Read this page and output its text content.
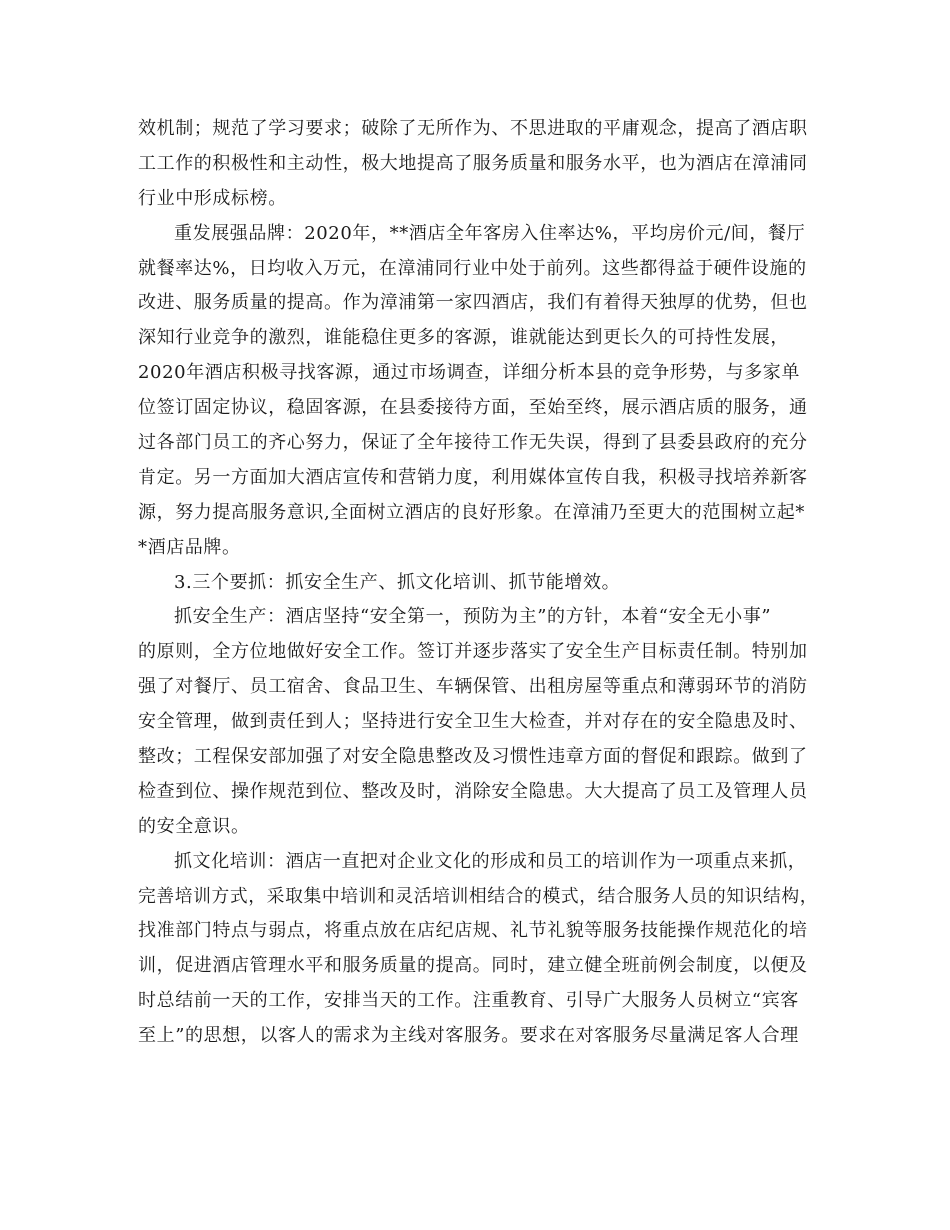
效机制；规范了学习要求；破除了无所作为、不思进取的平庸观念，提高了酒店职
工工作的积极性和主动性，极大地提高了服务质量和服务水平，也为酒店在漳浦同
行业中形成标榜。
重发展强品牌：2020年，**酒店全年客房入住率达%，平均房价元/间，餐厅
就餐率达%，日均收入万元，在漳浦同行业中处于前列。这些都得益于硬件设施的
改进、服务质量的提高。作为漳浦第一家四酒店，我们有着得天独厚的优势，但也
深知行业竞争的激烈，谁能稳住更多的客源，谁就能达到更长久的可持性发展，
2020年酒店积极寻找客源，通过市场调查，详细分析本县的竞争形势，与多家单
位签订固定协议，稳固客源，在县委接待方面，至始至终，展示酒店质的服务，通
过各部门员工的齐心努力，保证了全年接待工作无失误，得到了县委县政府的充分
肯定。另一方面加大酒店宣传和营销力度，利用媒体宣传自我，积极寻找培养新客
源，努力提高服务意识,全面树立酒店的良好形象。在漳浦乃至更大的范围树立起*
*酒店品牌。
3.三个要抓：抓安全生产、抓文化培训、抓节能增效。
抓安全生产：酒店坚持“安全第一，预防为主”的方针，本着“安全无小事”
的原则，全方位地做好安全工作。签订并逐步落实了安全生产目标责任制。特别加
强了对餐厅、员工宿舍、食品卫生、车辆保管、出租房屋等重点和薄弱环节的消防
安全管理，做到责任到人；坚持进行安全卫生大检查，并对存在的安全隐患及时、
整改；工程保安部加强了对安全隐患整改及习惯性违章方面的督促和跟踪。做到了
检查到位、操作规范到位、整改及时，消除安全隐患。大大提高了员工及管理人员
的安全意识。
抓文化培训：酒店一直把对企业文化的形成和员工的培训作为一项重点来抓，
完善培训方式，采取集中培训和灵活培训相结合的模式，结合服务人员的知识结构，
找准部门特点与弱点，将重点放在店纪店规、礼节礼貌等服务技能操作规范化的培
训，促进酒店管理水平和服务质量的提高。同时，建立健全班前例会制度，以便及
时总结前一天的工作，安排当天的工作。注重教育、引导广大服务人员树立“宾客
至上”的思想，以客人的需求为主线对客服务。要求在对客服务尽量满足客人合理
